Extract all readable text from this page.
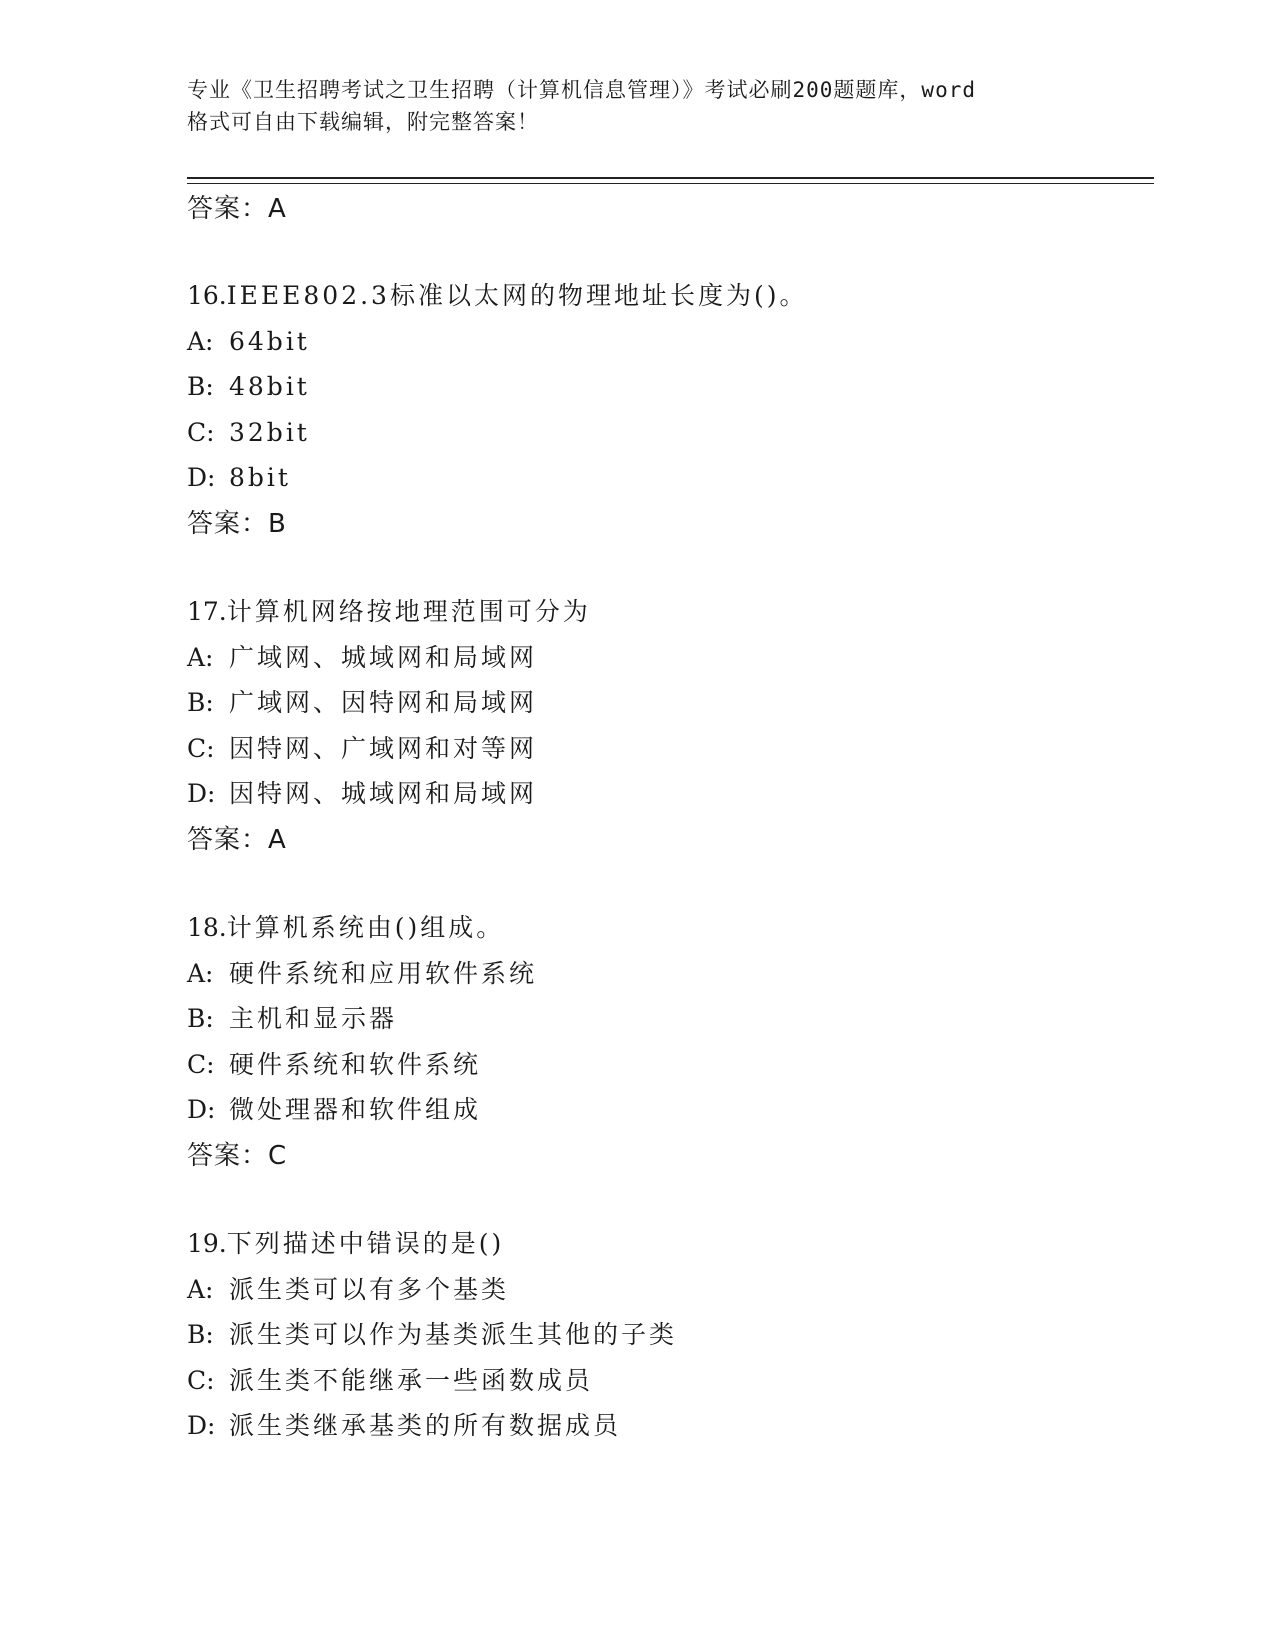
专业《卫生招聘考试之卫生招聘（计算机信息管理）》考试必刷200题题库，word
格式可自由下载编辑，附完整答案！
答案：A
16.IEEE802.3标准以太网的物理地址长度为()。
A: 64bit
B: 48bit
C: 32bit
D: 8bit
答案：B
17.计算机网络按地理范围可分为
A: 广域网、城域网和局域网
B: 广域网、因特网和局域网
C: 因特网、广域网和对等网
D: 因特网、城域网和局域网
答案：A
18.计算机系统由()组成。
A: 硬件系统和应用软件系统
B: 主机和显示器
C: 硬件系统和软件系统
D: 微处理器和软件组成
答案：C
19.下列描述中错误的是()
A: 派生类可以有多个基类
B: 派生类可以作为基类派生其他的子类
C: 派生类不能继承一些函数成员
D: 派生类继承基类的所有数据成员
